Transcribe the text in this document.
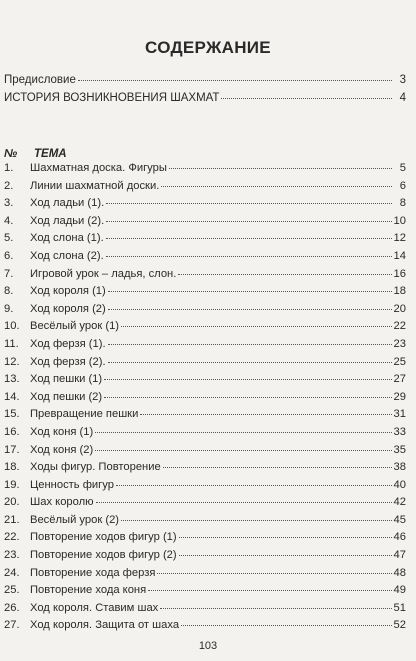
СОДЕРЖАНИЕ
Предисловие	3
ИСТОРИЯ ВОЗНИКНОВЕНИЯ ШАХМАТ	4
№ ТЕМА
1.	Шахматная доска. Фигуры	5
2.	Линии шахматной доски.	6
3.	Ход ладьи (1).	8
4.	Ход ладьи (2).	10
5.	Ход слона (1).	12
6.	Ход слона (2).	14
7.	Игровой урок – ладья, слон.	16
8.	Ход короля (1)	18
9.	Ход короля (2)	20
10. Весёлый урок (1)	22
11.	Ход ферзя (1).	23
12. Ход ферзя (2).	25
13. Ход пешки (1)	27
14. Ход пешки (2)	29
15. Превращение пешки	31
16. Ход коня (1)	33
17. Ход коня (2)	35
18. Ходы фигур. Повторение	38
19. Ценность фигур	40
20. Шах королю	42
21. Весёлый урок (2)	45
22. Повторение ходов фигур (1)	46
23. Повторение ходов фигур (2)	47
24. Повторение хода ферзя	48
25. Повторение хода коня	49
26. Ход короля. Ставим шах	51
27. Ход короля. Защита от шаха	52
103
